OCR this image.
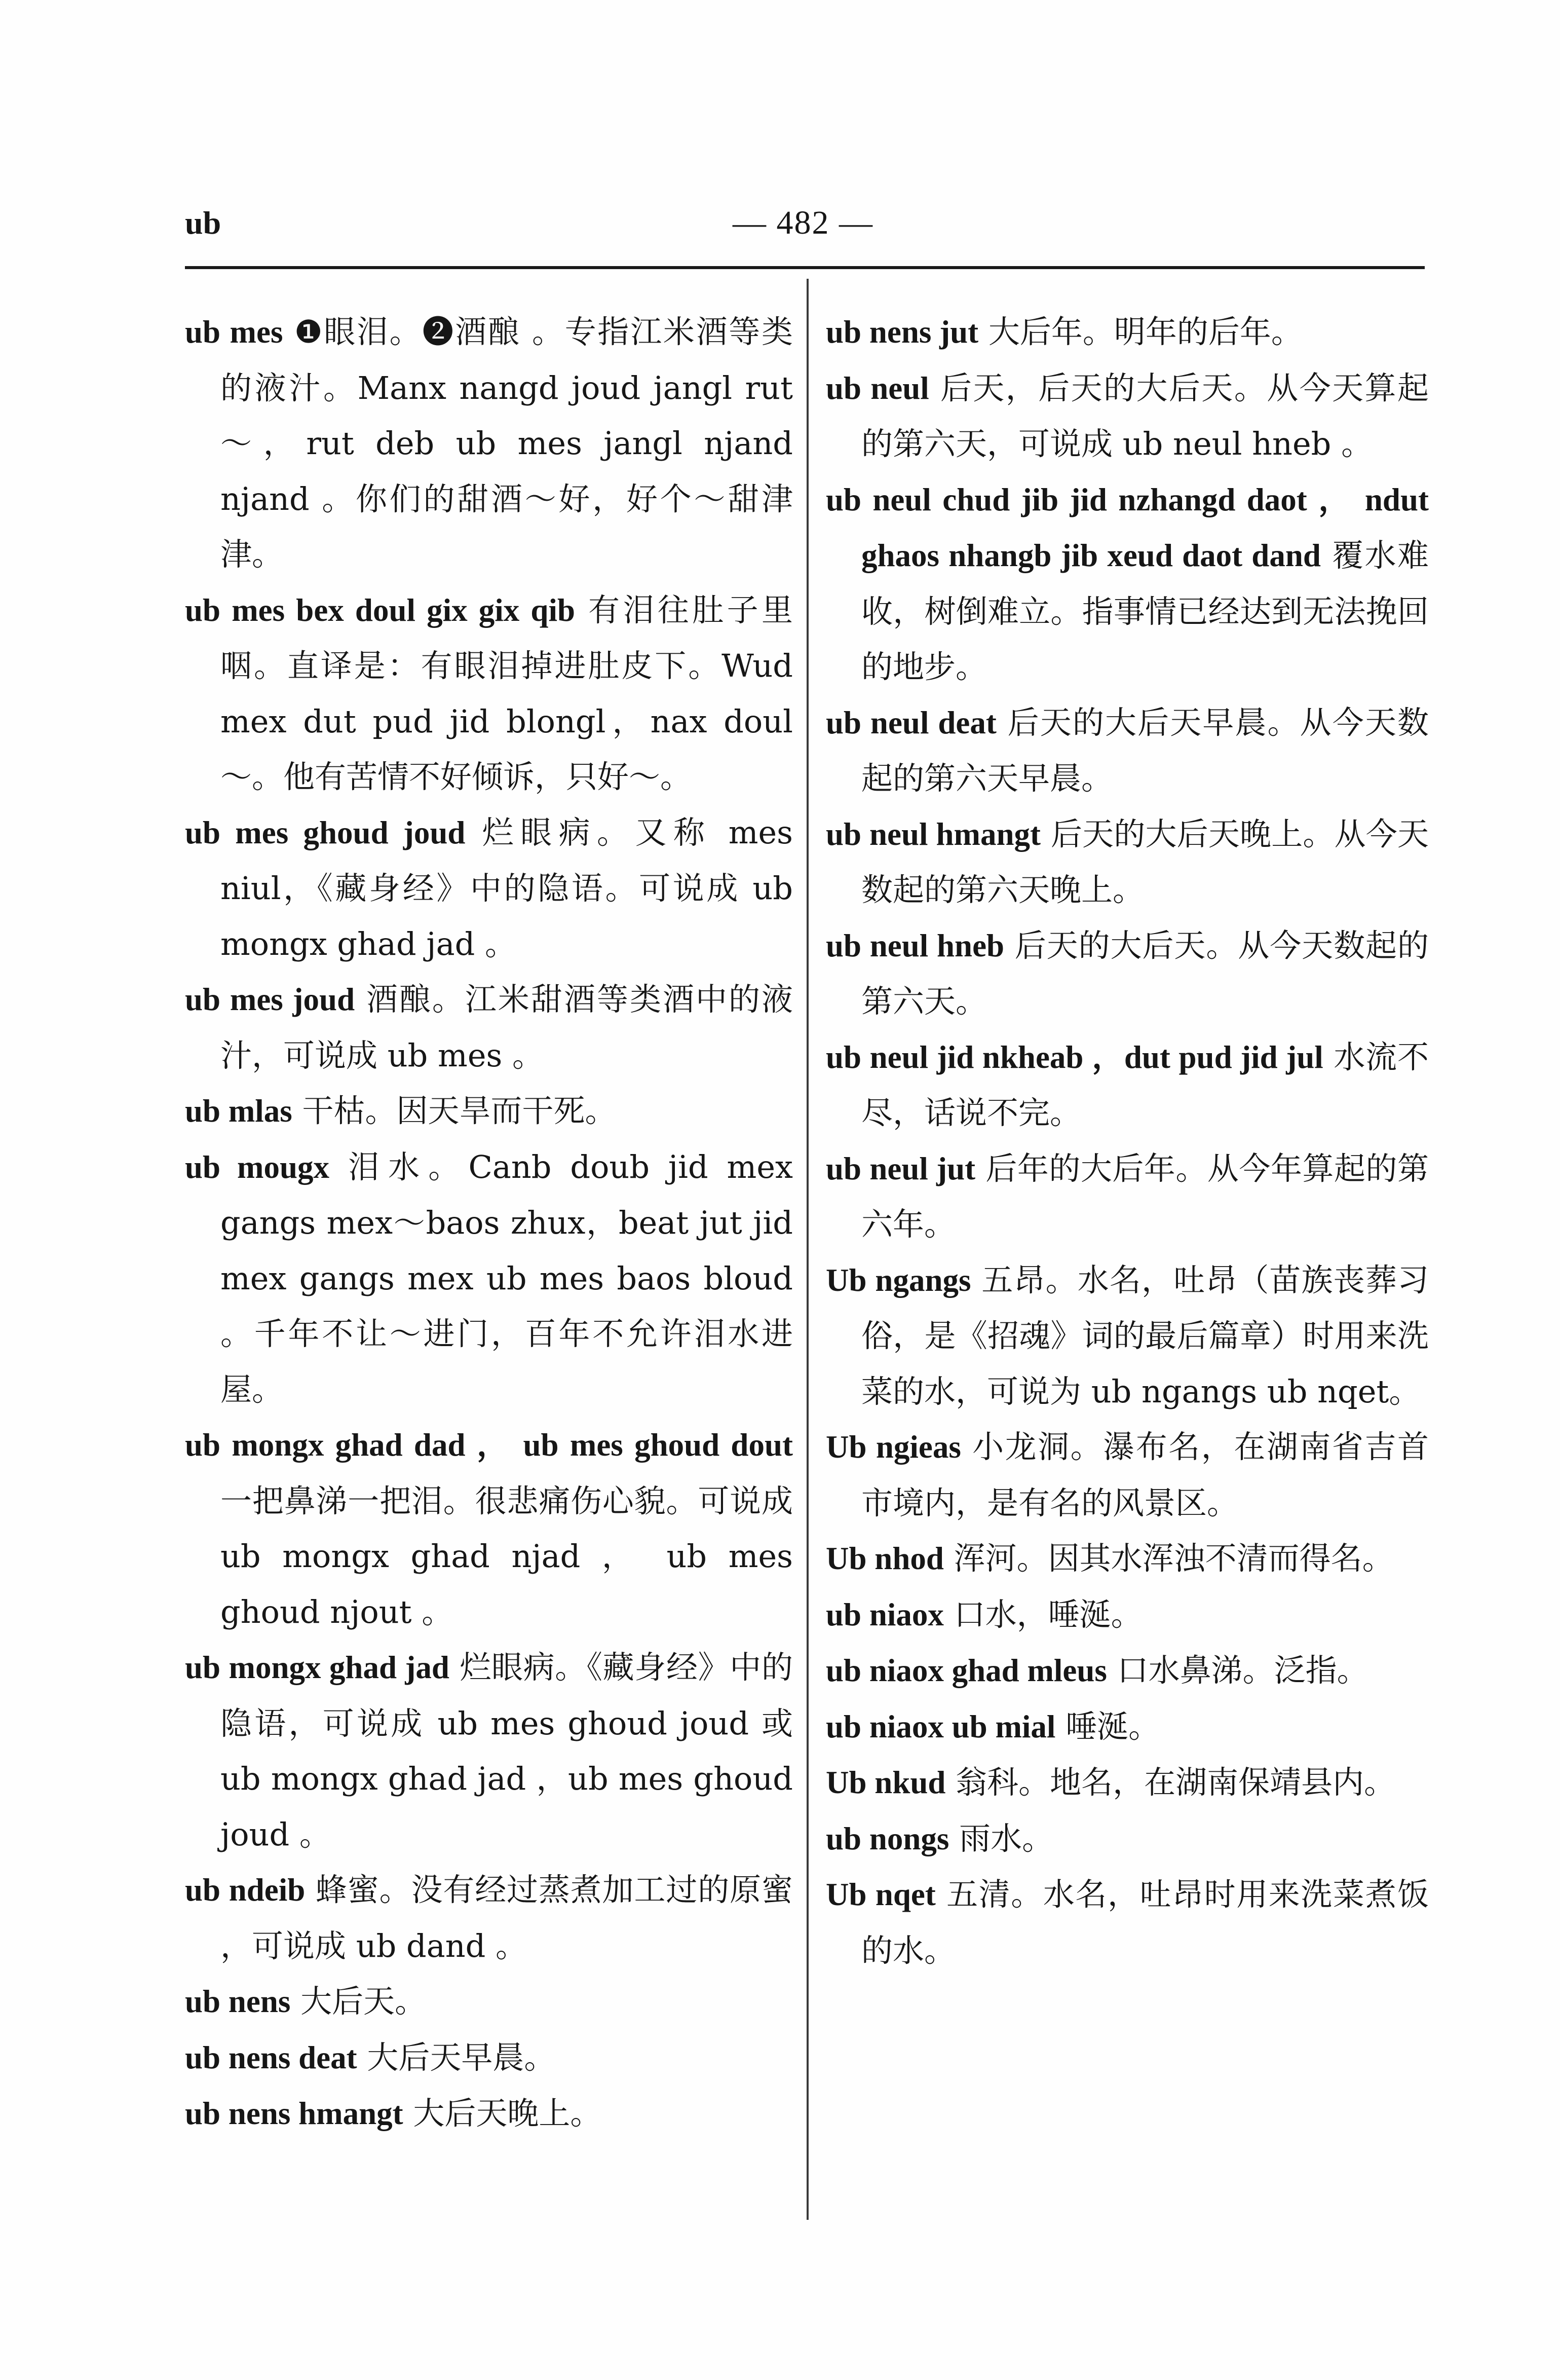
ub	— 482 —

ub mes ❶眼泪。❷酒酿 。专指江米酒等类的液汁。Manx nangd joud jangl rut ～，rut deb ub mes jangl njand njand 。你们的甜酒～好，好个～甜津津。

ub mes bex doul gix gix qib 有泪往肚子里咽。直译是：有眼泪掉进肚皮下。Wud mex dut pud jid blongl，nax doul～。他有苦情不好倾诉，只好～。

ub mes ghoud joud 烂眼病。又称 mes niul，《藏身经》中的隐语。可说成 ub mongx ghad jad 。

ub mes joud 酒酿。江米甜酒等类酒中的液汁，可说成 ub mes 。

ub mlas 干枯。因天旱而干死。

ub mougx 泪水。Canb doub jid mex gangs mex～baos zhux，beat jut jid mex gangs mex ub mes baos bloud 。千年不让～进门，百年不允许泪水进屋。

ub mongx ghad dad ， ub mes ghoud dout 一把鼻涕一把泪。很悲痛伤心貌。可说成 ub mongx ghad njad ， ub mes ghoud njout 。

ub mongx ghad jad 烂眼病。《藏身经》中的隐语，可说成 ub mes ghoud joud 或 ub mongx ghad jad ，ub mes ghoud joud 。

ub ndeib 蜂蜜。没有经过蒸煮加工过的原蜜 ，可说成 ub dand 。

ub nens 大后天。

ub nens deat 大后天早晨。

ub nens hmangt 大后天晚上。

ub nens jut 大后年。明年的后年。

ub neul 后天，后天的大后天。从今天算起的第六天，可说成 ub neul hneb 。

ub neul chud jib jid nzhangd daot ， ndut ghaos nhangb jib xeud daot dand 覆水难收，树倒难立。指事情已经达到无法挽回的地步。

ub neul deat 后天的大后天早晨。从今天数起的第六天早晨。

ub neul hmangt 后天的大后天晚上。从今天数起的第六天晚上。

ub neul hneb 后天的大后天。从今天数起的第六天。

ub neul jid nkheab ，dut pud jid jul 水流不尽，话说不完。

ub neul jut 后年的大后年。从今年算起的第六年。

Ub ngangs 五昂。水名，吐昂（苗族丧葬习俗，是《招魂》词的最后篇章）时用来洗菜的水，可说为 ub ngangs ub nqet。

Ub ngieas 小龙洞。瀑布名，在湖南省吉首市境内，是有名的风景区。

Ub nhod 浑河。因其水浑浊不清而得名。

ub niaox 口水，唾涎。

ub niaox ghad mleus 口水鼻涕。泛指。

ub niaox ub mial 唾涎。

Ub nkud 翁科。地名，在湖南保靖县内。

ub nongs 雨水。

Ub nqet 五清。水名，吐昂时用来洗菜煮饭的水。
